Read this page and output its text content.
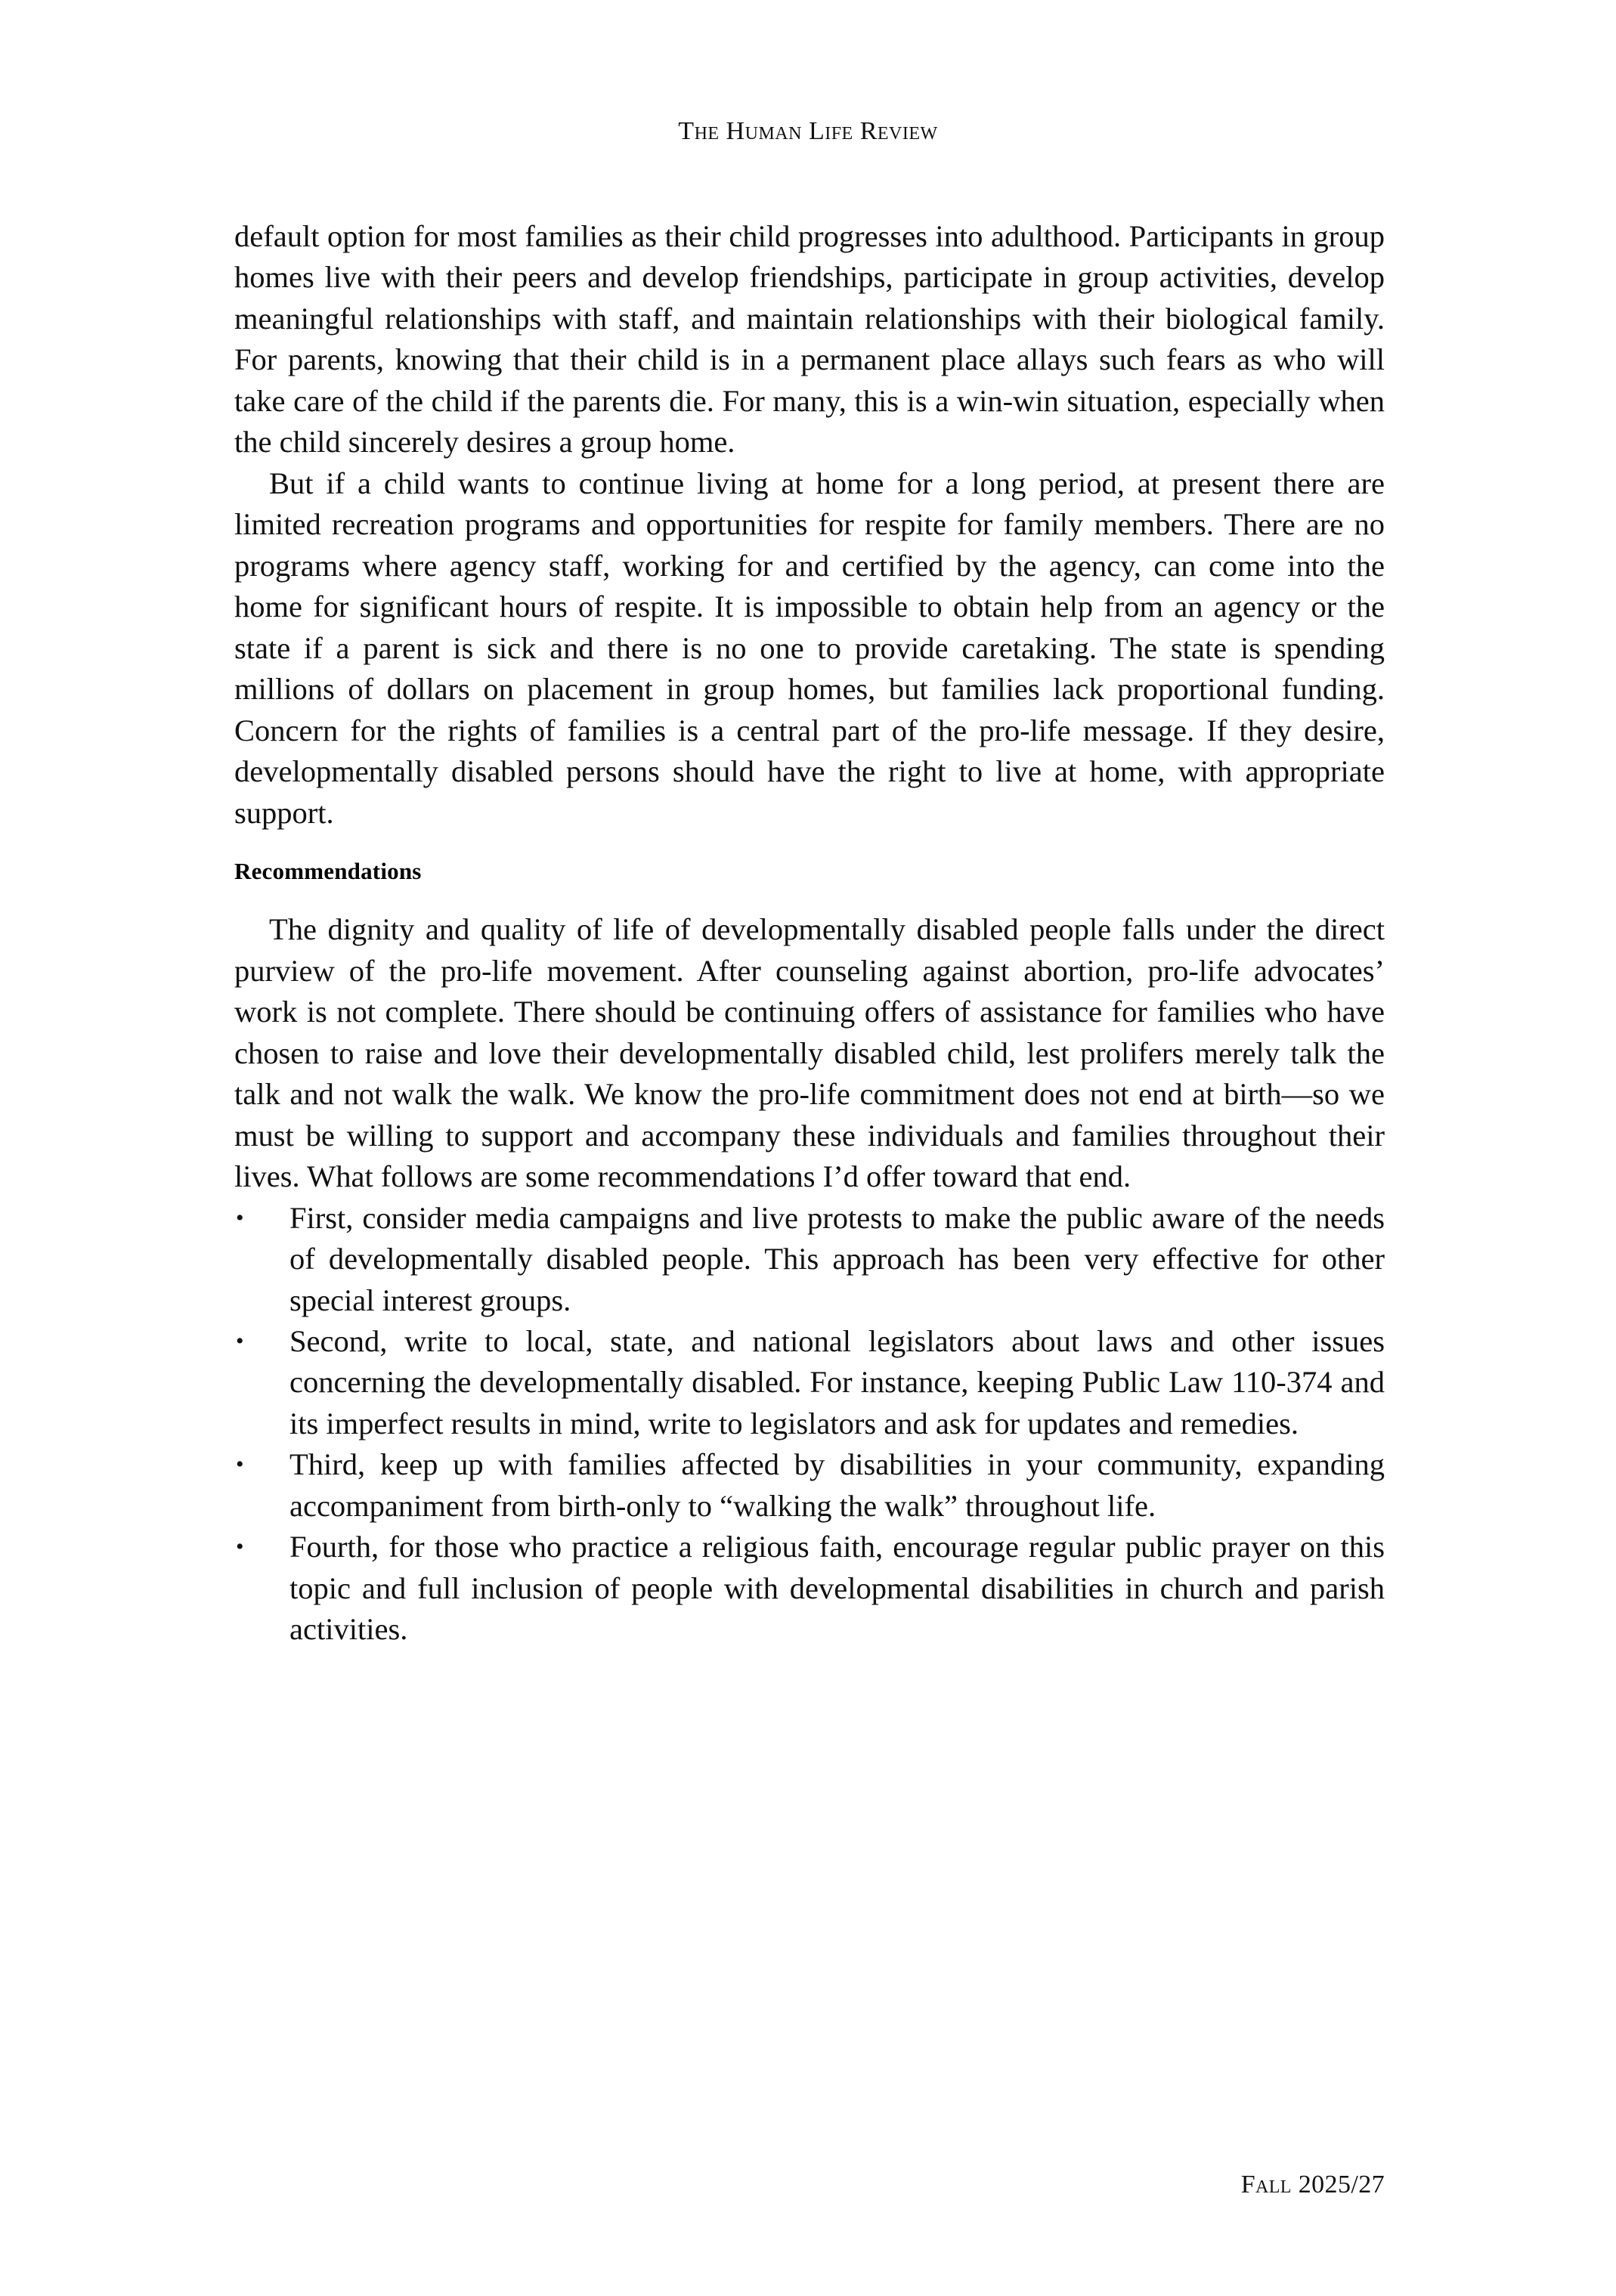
The Human Life Review

default option for most families as their child progresses into adulthood. Participants in group homes live with their peers and develop friendships, participate in group activities, develop meaningful relationships with staff, and maintain relationships with their biological family. For parents, knowing that their child is in a permanent place allays such fears as who will take care of the child if the parents die. For many, this is a win-win situation, especially when the child sincerely desires a group home.

But if a child wants to continue living at home for a long period, at present there are limited recreation programs and opportunities for respite for family members. There are no programs where agency staff, working for and certified by the agency, can come into the home for significant hours of respite. It is impossible to obtain help from an agency or the state if a parent is sick and there is no one to provide caretaking. The state is spending millions of dollars on placement in group homes, but families lack proportional funding. Concern for the rights of families is a central part of the pro-life message. If they desire, developmentally disabled persons should have the right to live at home, with appropriate support.

Recommendations

The dignity and quality of life of developmentally disabled people falls under the direct purview of the pro-life movement. After counseling against abortion, pro-life advocates’ work is not complete. There should be continuing offers of assistance for families who have chosen to raise and love their developmentally disabled child, lest prolifers merely talk the talk and not walk the walk. We know the pro-life commitment does not end at birth—so we must be willing to support and accompany these individuals and families throughout their lives. What follows are some recommendations I’d offer toward that end.

• First, consider media campaigns and live protests to make the public aware of the needs of developmentally disabled people. This approach has been very effective for other special interest groups.
• Second, write to local, state, and national legislators about laws and other issues concerning the developmentally disabled. For instance, keeping Public Law 110-374 and its imperfect results in mind, write to legislators and ask for updates and remedies.
• Third, keep up with families affected by disabilities in your community, expanding accompaniment from birth-only to “walking the walk” throughout life.
• Fourth, for those who practice a religious faith, encourage regular public prayer on this topic and full inclusion of people with developmental disabilities in church and parish activities.
Fall 2025/27
